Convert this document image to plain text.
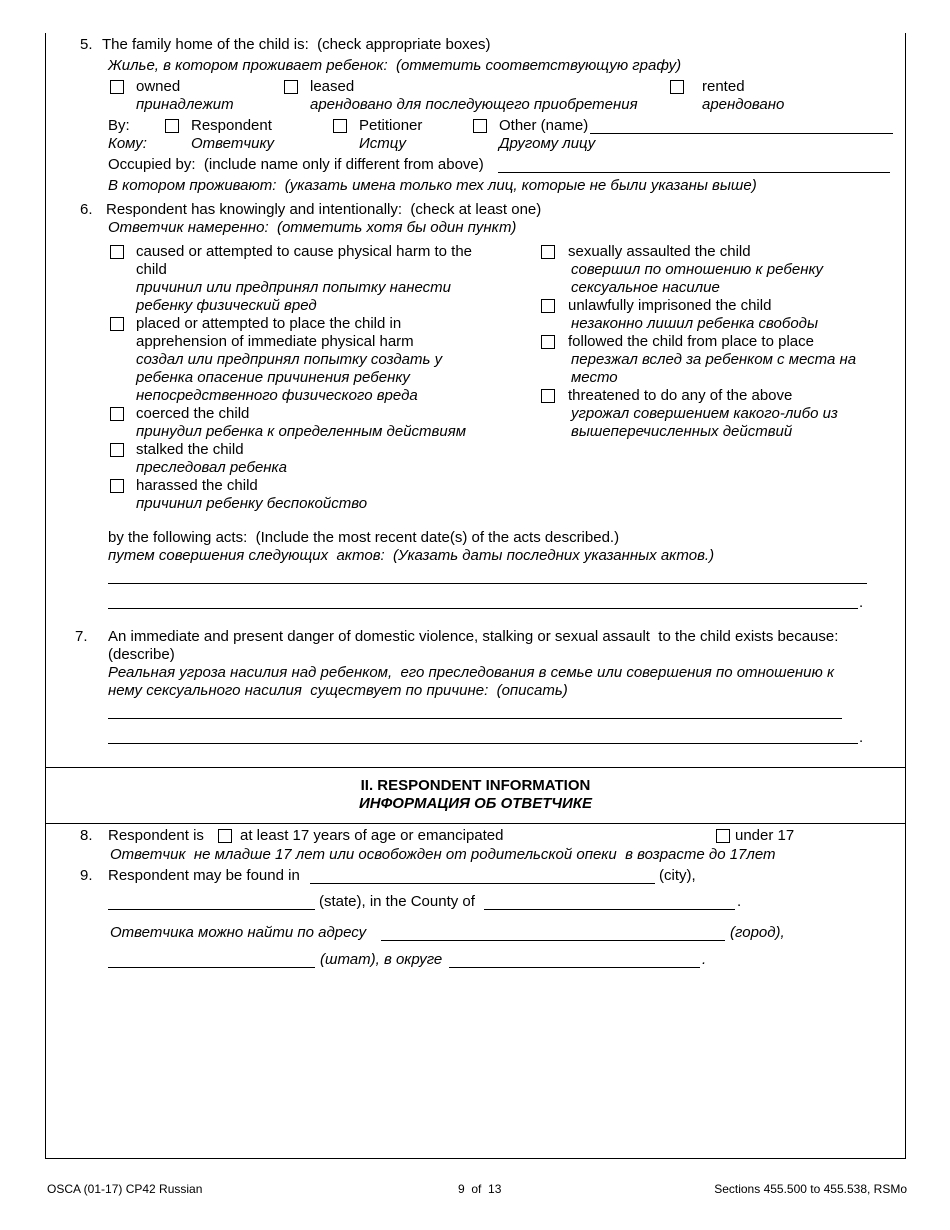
5. The family home of the child is:  (check appropriate boxes)
Жилье, в котором проживает ребенок:  (отметить соответствующую графу)
owned	leased	rented
принадлежит	арендовано для последующего приобретения	арендовано
By:	Respondent	Petitioner	Other (name)
Кому:	Ответчику	Истцу	Другому лицу
Occupied by:  (include name only if different from above)
В котором проживают:  (указать имена только тех лиц, которые не были указаны выше)
6. Respondent has knowingly and intentionally:  (check at least one)
Ответчик намеренно:  (отметить хотя бы один пункт)
caused or attempted to cause physical harm to the
child
причинил или предпринял попытку нанести
ребенку физический вред
placed or attempted to place the child in
apprehension of immediate physical harm
создал или предпринял попытку создать у
ребенка опасение причинения ребенку
непосредственного физического вреда
coerced the child
принудил ребенка к определенным действиям
stalked the child
преследовал ребенка
harassed the child
причинил ребенку беспокойство
sexually assaulted the child
совершил по отношению к ребенку
сексуальное насилие
unlawfully imprisoned the child
незаконно лишил ребенка свободы
followed the child from place to place
перезжал вслед за ребенком с места на
место
threatened to do any of the above
угрожал совершением какого-либо из
вышеперечисленных действий
by the following acts:  (Include the most recent date(s) of the acts described.)
путем совершения следующих  актов:  (Указать даты последних указанных актов.)
.
7. An immediate and present danger of domestic violence, stalking or sexual assault  to the child exists because:
(describe)
Реальная угроза насилия над ребенком,  его преследования в семье или совершения по отношению к
нему сексуального насилия  существует по причине:  (описать)
.
II. RESPONDENT INFORMATION
ИНФОРМАЦИЯ ОБ ОТВЕТЧИКЕ
8. Respondent is at least 17 years of age or emancipated	under 17
Ответчик  не младше 17 лет или освобожден от родительской опеки  в возрасте до 17лет
9. Respondent may be found in	(city),
(state), in the County of	.
Ответчика можно найти по адресу	(город),
(штат), в округе	.
OSCA (01-17) CP42 Russian	9  of  13	Sections 455.500 to 455.538, RSMo
